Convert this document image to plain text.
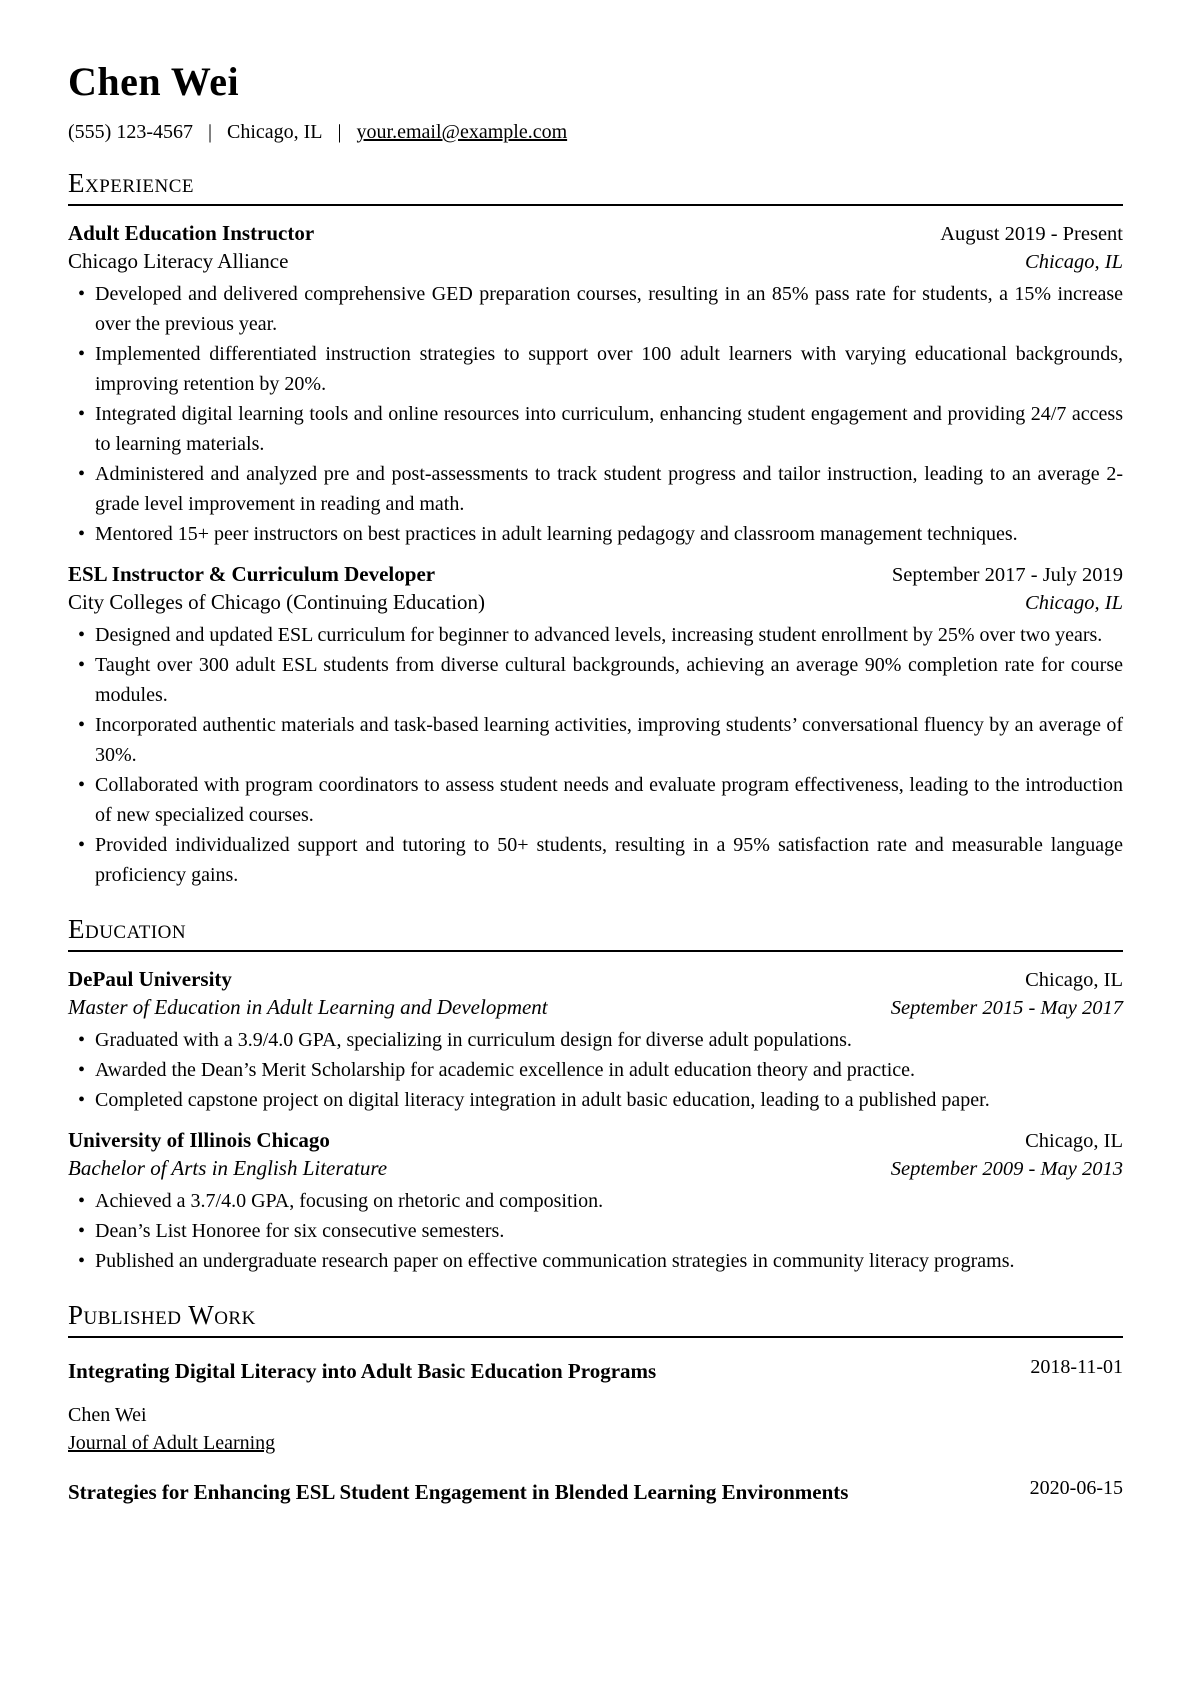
Chen Wei
(555) 123-4567 | Chicago, IL | your.email@example.com
Experience
Adult Education Instructor	August 2019 - Present
Chicago Literacy Alliance	Chicago, IL
• Developed and delivered comprehensive GED preparation courses, resulting in an 85% pass rate for students, a 15% increase over the previous year.
• Implemented differentiated instruction strategies to support over 100 adult learners with varying educational backgrounds, improving retention by 20%.
• Integrated digital learning tools and online resources into curriculum, enhancing student engagement and providing 24/7 access to learning materials.
• Administered and analyzed pre and post-assessments to track student progress and tailor instruction, leading to an average 2-grade level improvement in reading and math.
• Mentored 15+ peer instructors on best practices in adult learning pedagogy and classroom management techniques.
ESL Instructor & Curriculum Developer	September 2017 - July 2019
City Colleges of Chicago (Continuing Education)	Chicago, IL
• Designed and updated ESL curriculum for beginner to advanced levels, increasing student enrollment by 25% over two years.
• Taught over 300 adult ESL students from diverse cultural backgrounds, achieving an average 90% completion rate for course modules.
• Incorporated authentic materials and task-based learning activities, improving students’ conversational fluency by an average of 30%.
• Collaborated with program coordinators to assess student needs and evaluate program effectiveness, leading to the introduction of new specialized courses.
• Provided individualized support and tutoring to 50+ students, resulting in a 95% satisfaction rate and measurable language proficiency gains.
Education
DePaul University	Chicago, IL
Master of Education in Adult Learning and Development	September 2015 - May 2017
• Graduated with a 3.9/4.0 GPA, specializing in curriculum design for diverse adult populations.
• Awarded the Dean’s Merit Scholarship for academic excellence in adult education theory and practice.
• Completed capstone project on digital literacy integration in adult basic education, leading to a published paper.
University of Illinois Chicago	Chicago, IL
Bachelor of Arts in English Literature	September 2009 - May 2013
• Achieved a 3.7/4.0 GPA, focusing on rhetoric and composition.
• Dean’s List Honoree for six consecutive semesters.
• Published an undergraduate research paper on effective communication strategies in community literacy programs.
Published Work
Integrating Digital Literacy into Adult Basic Education Programs	2018-11-01
Chen Wei
Journal of Adult Learning
Strategies for Enhancing ESL Student Engagement in Blended Learning Environments	2020-06-15
